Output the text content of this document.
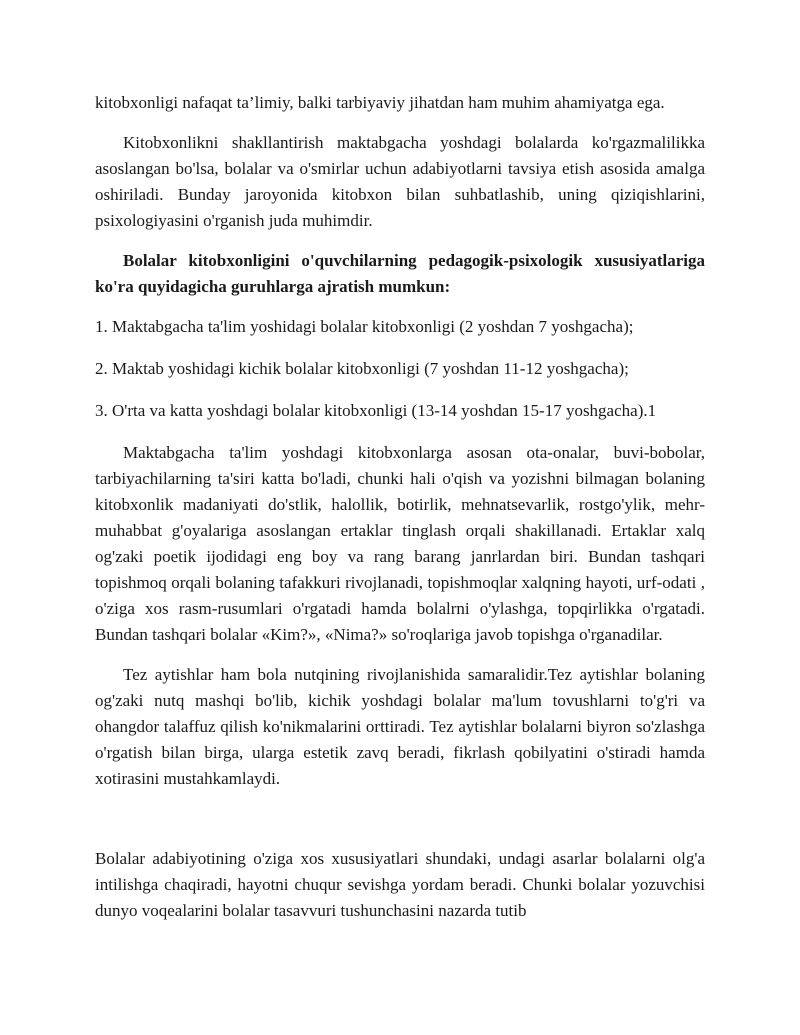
kitobxonligi nafaqat ta’limiy, balki tarbiyaviy jihatdan ham muhim ahamiyatga ega.

Kitobxonlikni shakllantirish maktabgacha yoshdagi bolalarda ko'rgazmalilikka asoslangan bo'lsa, bolalar va o'smirlar uchun adabiyotlarni tavsiya etish asosida amalga oshiriladi. Bunday jaroyonida kitobxon bilan suhbatlashib, uning qiziqishlarini, psixologiyasini o'rganish juda muhimdir.

Bolalar kitobxonligini o'quvchilarning pedagogik-psixologik xususiyatlariga ko'ra quyidagicha guruhlarga ajratish mumkun:

1. Maktabgacha ta'lim yoshidagi bolalar kitobxonligi (2 yoshdan 7 yoshgacha);

2. Maktab yoshidagi kichik bolalar kitobxonligi (7 yoshdan 11-12 yoshgacha);

3. O'rta va katta yoshdagi bolalar kitobxonligi (13-14 yoshdan 15-17 yoshgacha).1

Maktabgacha ta'lim yoshdagi kitobxonlarga asosan ota-onalar, buvi-bobolar, tarbiyachilarning ta'siri katta bo'ladi, chunki hali o'qish va yozishni bilmagan bolaning kitobxonlik madaniyati do'stlik, halollik, botirlik, mehnatsevarlik, rostgo'ylik, mehr-muhabbat g'oyalariga asoslangan ertaklar tinglash orqali shakillanadi. Ertaklar xalq og'zaki poetik ijodidagi eng boy va rang barang janrlardan biri. Bundan tashqari topishmoq orqali bolaning tafakkuri rivojlanadi, topishmoqlar xalqning hayoti, urf-odati , o'ziga xos rasm-rusumlari o'rgatadi hamda bolalrni o'ylashga, topqirlikka o'rgatadi. Bundan tashqari bolalar «Kim?», «Nima?» so'roqlariga javob topishga o'rganadilar.

Tez aytishlar ham bola nutqining rivojlanishida samaralidir.Tez aytishlar bolaning og'zaki nutq mashqi bo'lib, kichik yoshdagi bolalar ma'lum tovushlarni to'g'ri va ohangdor talaffuz qilish ko'nikmalarini orttiradi. Tez aytishlar bolalarni biyron so'zlashga o'rgatish bilan birga, ularga estetik zavq beradi, fikrlash qobilyatini o'stiradi hamda xotirasini mustahkamlaydi.

Bolalar adabiyotining o'ziga xos xususiyatlari shundaki, undagi asarlar bolalarni olg'a intilishga chaqiradi, hayotni chuqur sevishga yordam beradi. Chunki bolalar yozuvchisi dunyo voqealarini bolalar tasavvuri tushunchasini nazarda tutib
